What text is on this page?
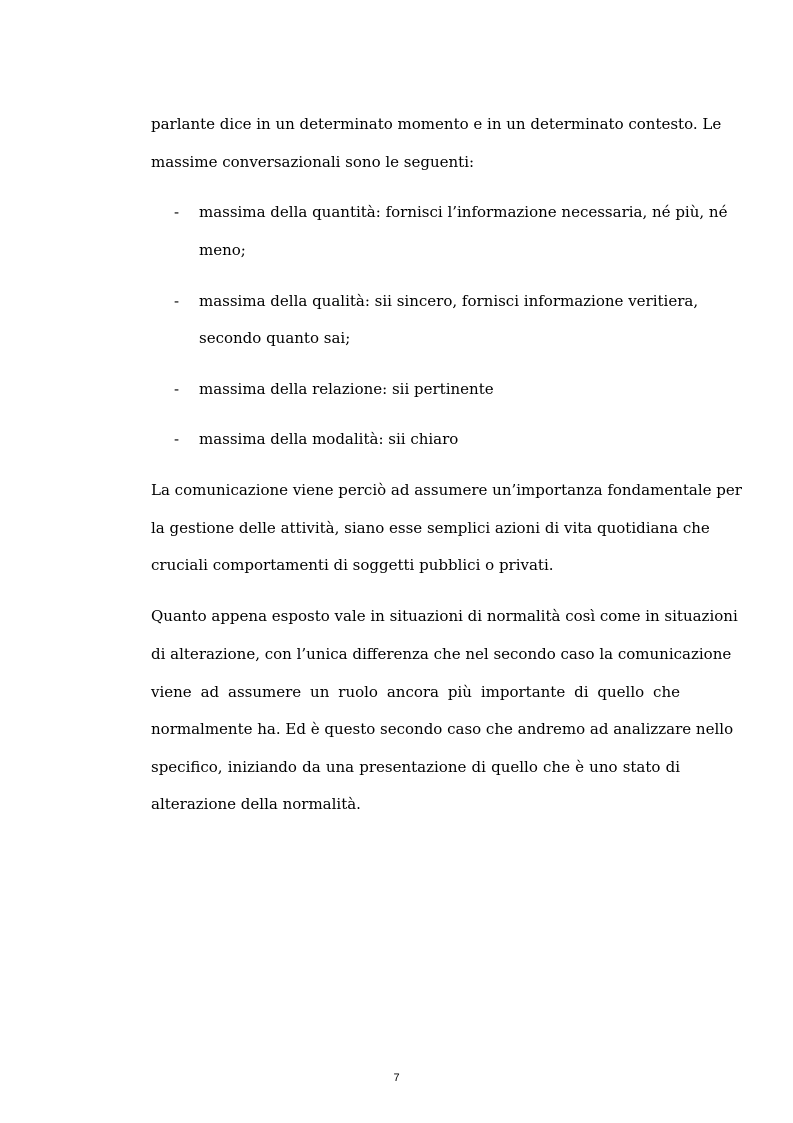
parlante dice in un determinato momento e in un determinato contesto. Le
massime conversazionali sono le seguenti:
- massima della quantità: fornisci l’informazione necessaria, né più, né
meno;
- massima della qualità: sii sincero, fornisci informazione veritiera,
secondo quanto sai;
- massima della relazione: sii pertinente
- massima della modalità: sii chiaro
La comunicazione viene perciò ad assumere un’importanza fondamentale per
la gestione delle attività, siano esse semplici azioni di vita quotidiana che
cruciali comportamenti di soggetti pubblici o privati.
Quanto appena esposto vale in situazioni di normalità così come in situazioni
di alterazione, con l’unica differenza che nel secondo caso la comunicazione
viene ad assumere un ruolo ancora più importante di quello che
normalmente ha. Ed è questo secondo caso che andremo ad analizzare nello
specifico, iniziando da una presentazione di quello che è uno stato di
alterazione della normalità.
7
